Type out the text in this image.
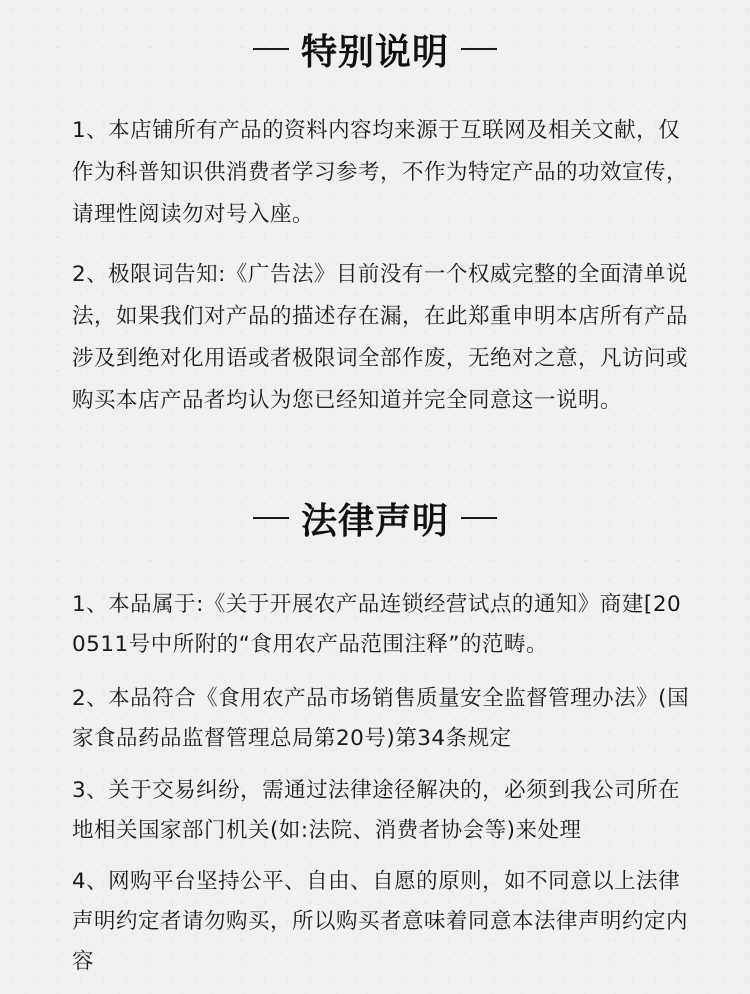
特别说明
1、本店铺所有产品的资料内容均来源于互联网及相关文献，仅作为科普知识供消费者学习参考，不作为特定产品的功效宣传，请理性阅读勿对号入座。
2、极限词告知:《广告法》目前没有一个权威完整的全面清单说法，如果我们对产品的描述存在漏，在此郑重申明本店所有产品涉及到绝对化用语或者极限词全部作废，无绝对之意，凡访问或购买本店产品者均认为您已经知道并完全同意这一说明。
法律声明
1、本品属于:《关于开展农产品连锁经营试点的通知》商建[200511号中所附的“食用农产品范围注释”的范畴。
2、本品符合《食用农产品市场销售质量安全监督管理办法》(国家食品药品监督管理总局第20号)第34条规定
3、关于交易纠纷，需通过法律途径解决的，必须到我公司所在地相关国家部门机关(如:法院、消费者协会等)来处理
4、网购平台坚持公平、自由、自愿的原则，如不同意以上法律声明约定者请勿购买，所以购买者意味着同意本法律声明约定内容
